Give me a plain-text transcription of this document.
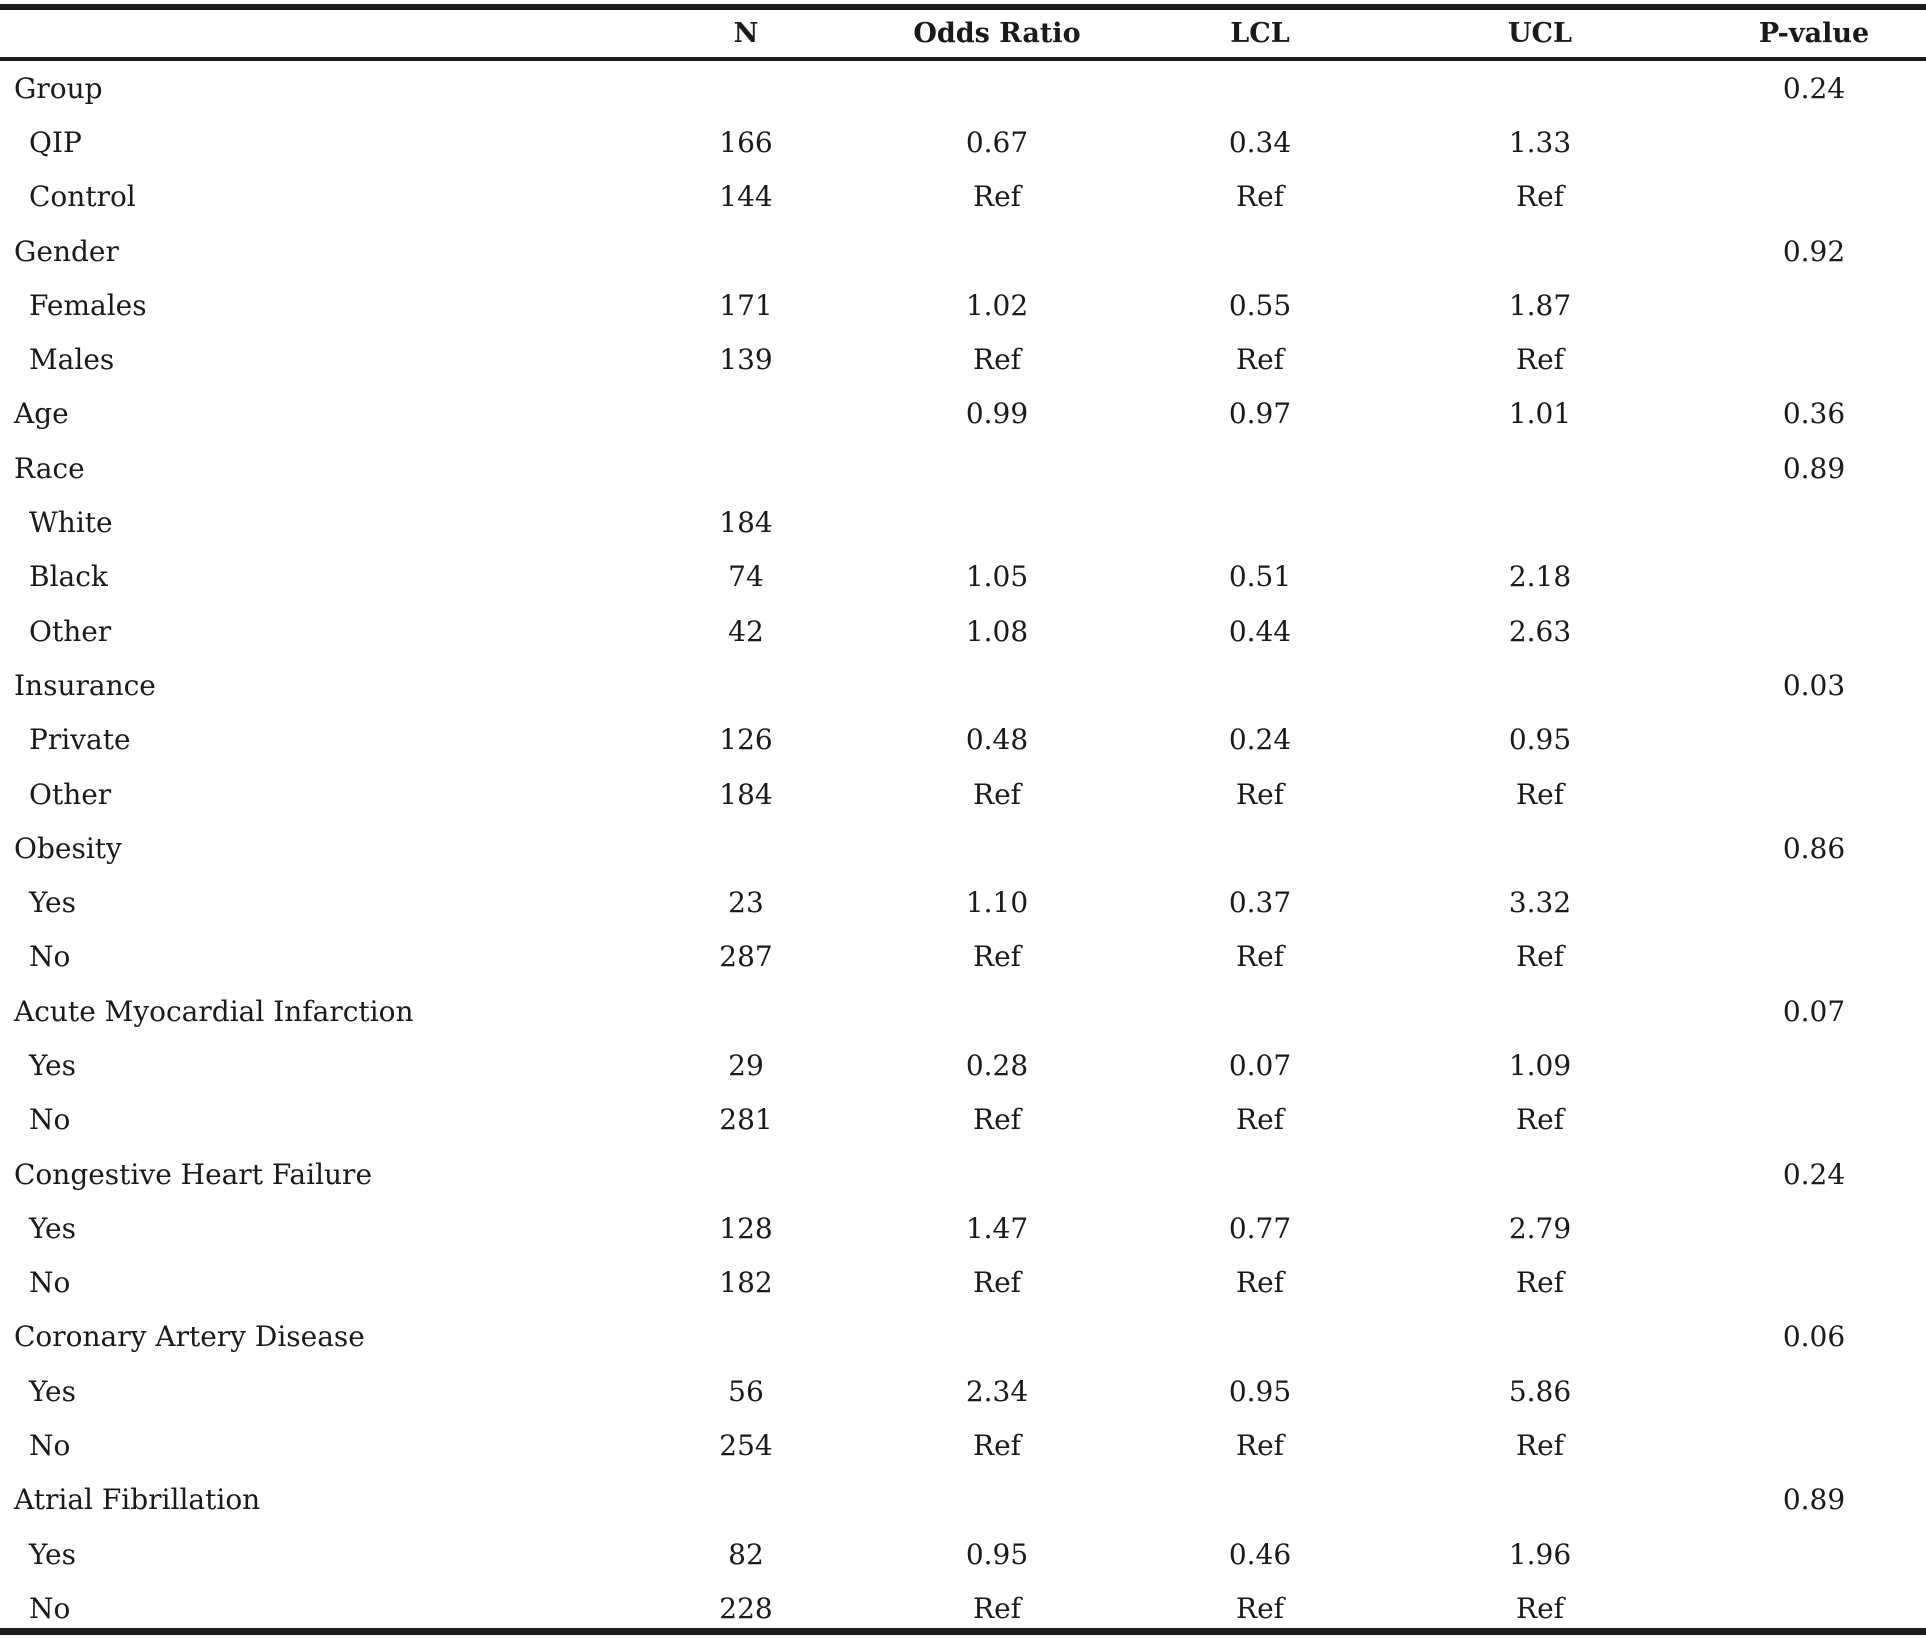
	N	Odds Ratio	LCL	UCL	P-value
Group					0.24
QIP	166	0.67	0.34	1.33	
Control	144	Ref	Ref	Ref	
Gender					0.92
Females	171	1.02	0.55	1.87	
Males	139	Ref	Ref	Ref	
Age		0.99	0.97	1.01	0.36
Race					0.89
White	184				
Black	74	1.05	0.51	2.18	
Other	42	1.08	0.44	2.63	
Insurance					0.03
Private	126	0.48	0.24	0.95	
Other	184	Ref	Ref	Ref	
Obesity					0.86
Yes	23	1.10	0.37	3.32	
No	287	Ref	Ref	Ref	
Acute Myocardial Infarction					0.07
Yes	29	0.28	0.07	1.09	
No	281	Ref	Ref	Ref	
Congestive Heart Failure					0.24
Yes	128	1.47	0.77	2.79	
No	182	Ref	Ref	Ref	
Coronary Artery Disease					0.06
Yes	56	2.34	0.95	5.86	
No	254	Ref	Ref	Ref	
Atrial Fibrillation					0.89
Yes	82	0.95	0.46	1.96	
No	228	Ref	Ref	Ref	
